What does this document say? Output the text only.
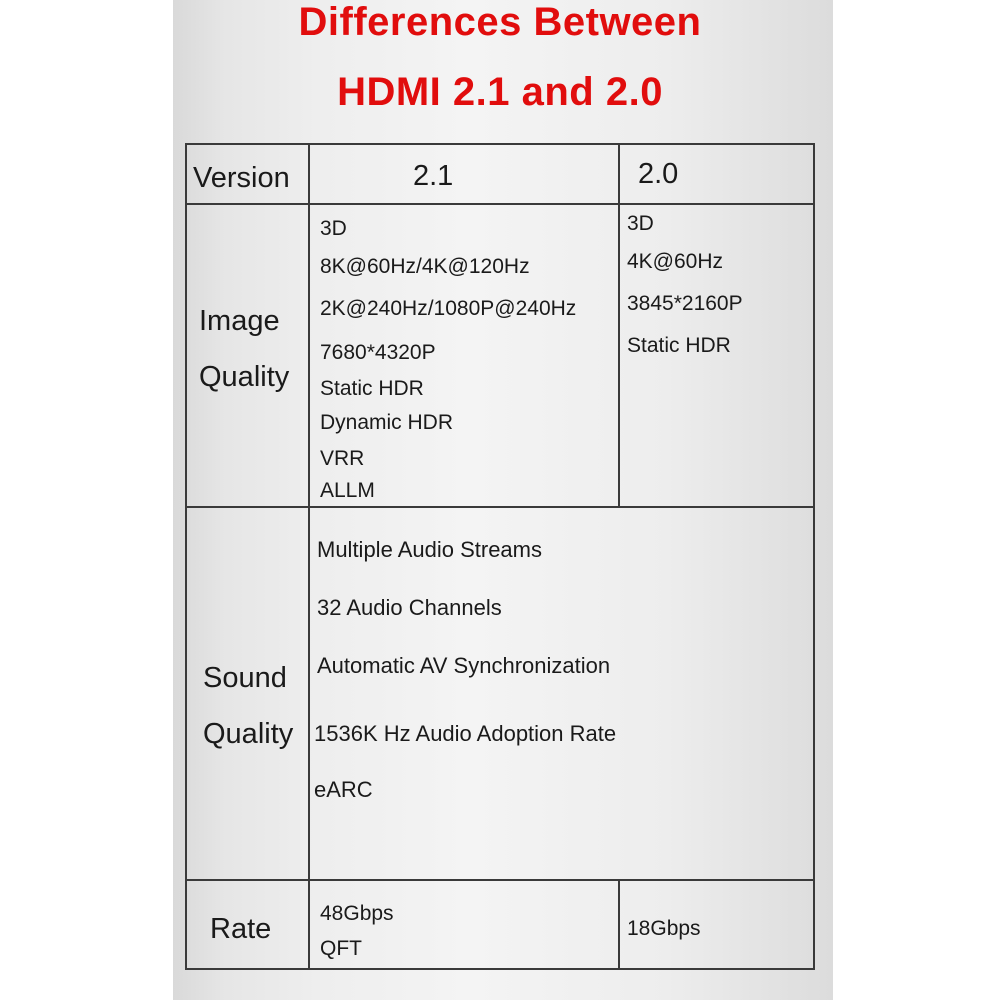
Differences Between
HDMI 2.1 and 2.0
Version	2.1	2.0
Image
Quality
3D
8K@60Hz/4K@120Hz
2K@240Hz/1080P@240Hz
7680*4320P
Static HDR
Dynamic HDR
VRR
ALLM
3D
4K@60Hz
3845*2160P
Static HDR
Sound
Quality
Multiple Audio Streams
32 Audio Channels
Automatic AV Synchronization
1536K Hz Audio Adoption Rate
eARC
Rate 48Gbps
QFT
18Gbps
